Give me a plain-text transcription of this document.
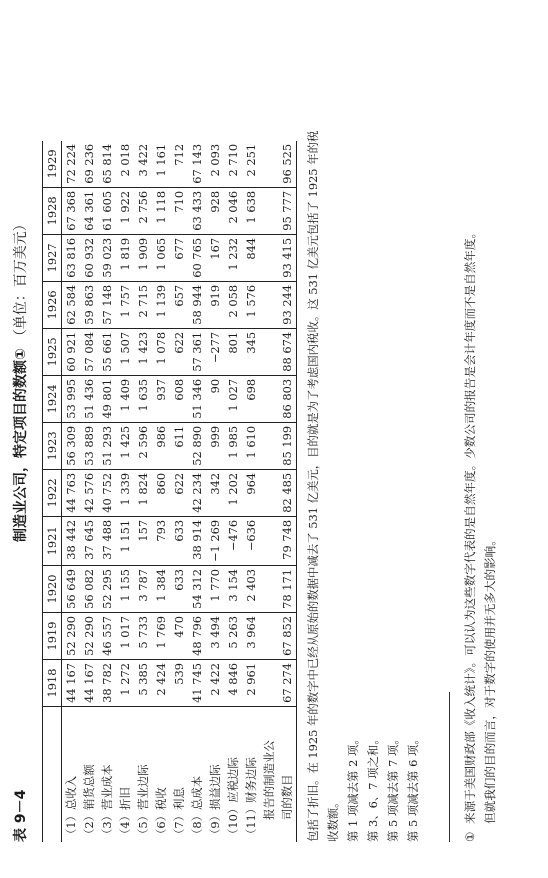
表 9－4
制造业公司，特定项目的数额① （单位：百万美元）
	1918	1919	1920	1921	1922	1923	1924	1925	1926	1927	1928	1929
（1）总收入	44 167	52 290	56 649	38 442	44 763	56 309	53 995	60 921	62 584	63 816	67 368	72 224
（2）销货总额	44 167	52 290	56 082	37 645	42 576	53 889	51 436	57 084	59 863	60 932	64 361	69 236
（3）营业成本	38 782	46 557	52 295	37 488	40 752	51 293	49 801	55 661	57 148	59 023	61 605	65 814
（4）折旧	1 272	1 017	1 155	1 151	1 339	1 425	1 409	1 507	1 757	1 819	1 922	2 018
（5）营业边际	5 385	5 733	3 787	157	1 824	2 596	1 635	1 423	2 715	1 909	2 756	3 422
（6）税收	2 424	1 769	1 384	793	860	986	937	1 078	1 139	1 065	1 118	1 161
（7）利息	539	470	633	633	622	611	608	622	657	677	710	712
（8）总成本	41 745	48 796	54 312	38 914	42 234	52 890	51 346	57 361	58 944	60 765	63 433	67 143
（9）损益边际	2 422	3 494	1 770	−1 269	342	999	90	−277	919	167	928	2 093
（10）应税边际	4 846	5 263	3 154	−476	1 202	1 985	1 027	801	2 058	1 232	2 046	2 710
（11）财务边际	2 961	3 964	2 403	−636	964	1 610	698	345	1 576	844	1 638	2 251
报告的制造业公												
司的数目	67 274	67 852	78 171	79 748	82 485	85 199	86 803	88 674	93 244	93 415	95 777	96 525 包括了折旧。在 1925 年的数字中已经从原始的数据中减去了 531 亿美元，目的就是为了考虑国内税收。这 531 亿美元包括了 1925 年的税 收数额。 第 1 项减去第 2 项。 第 3、6、7 项之和。 第 5 项减去第 7 项。 第 5 项减去第 6 项。	①来源于美国财政部《收入统计》。可以认为这些数字代表的是自然年度。少数公司的报告是会计年度而不是自然年度。 但就我们的目的而言，对于数字的使用并无多大的影响。
